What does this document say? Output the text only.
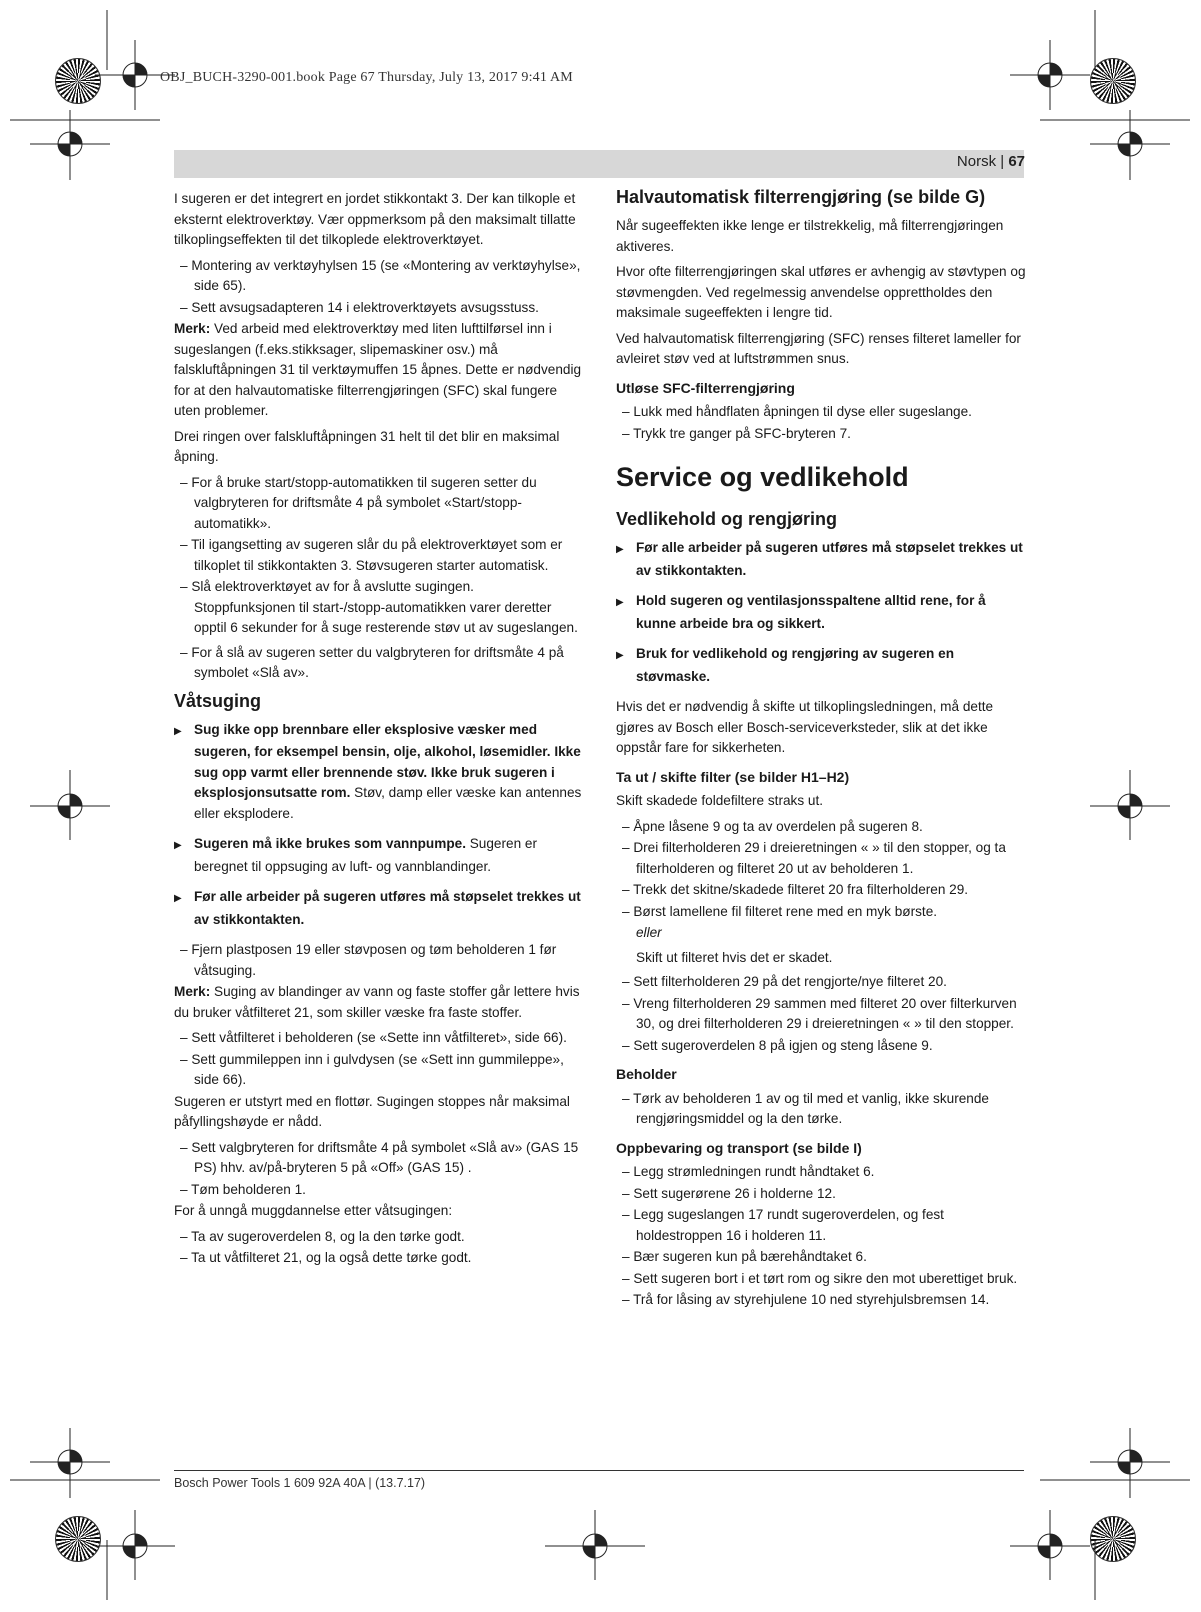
OBJ_BUCH-3290-001.book Page 67 Thursday, July 13, 2017 9:41 AM
Norsk | 67

I sugeren er det integrert en jordet stikkontakt 3. Der kan tilkople et eksternt elektroverktøy. Vær oppmerksom på den maksimalt tillatte tilkoplingseffekten til det tilkoplede elektroverktøyet.

– Montering av verktøyhylsen 15 (se «Montering av verktøyhylse», side 65).

– Sett avsugsadapteren 14 i elektroverktøyets avsugsstuss.

Merk: Ved arbeid med elektroverktøy med liten lufttilførsel inn i sugeslangen (f.eks.stikksager, slipemaskiner osv.) må falskluftåpningen 31 til verktøymuffen 15 åpnes. Dette er nødvendig for at den halvautomatiske filterrengjøringen (SFC) skal fungere uten problemer.

Drei ringen over falskluftåpningen 31 helt til det blir en maksimal åpning.

– For å bruke start/stopp-automatikken til sugeren setter du valgbryteren for driftsmåte 4 på symbolet «Start/stopp-automatikk».

– Til igangsetting av sugeren slår du på elektroverktøyet som er tilkoplet til stikkontakten 3. Støvsugeren starter automatisk.

– Slå elektroverktøyet av for å avslutte sugingen.

Stoppfunksjonen til start-/stopp-automatikken varer deretter opptil 6 sekunder for å suge resterende støv ut av sugeslangen.

– For å slå av sugeren setter du valgbryteren for driftsmåte 4 på symbolet «Slå av».

Våtsuging

▶ Sug ikke opp brennbare eller eksplosive væsker med sugeren, for eksempel bensin, olje, alkohol, løsemidler. Ikke sug opp varmt eller brennende støv. Ikke bruk sugeren i eksplosjonsutsatte rom. Støv, damp eller væske kan antennes eller eksplodere.

▶ Sugeren må ikke brukes som vannpumpe. Sugeren er beregnet til oppsuging av luft- og vannblandinger.

▶ Før alle arbeider på sugeren utføres må støpselet trekkes ut av stikkontakten.

– Fjern plastposen 19 eller støvposen og tøm beholderen 1 før våtsuging.

Merk: Suging av blandinger av vann og faste stoffer går lettere hvis du bruker våtfilteret 21, som skiller væske fra faste stoffer.

– Sett våtfilteret i beholderen (se «Sette inn våtfilteret», side 66).

– Sett gummileppen inn i gulvdysen (se «Sett inn gummileppe», side 66).

Sugeren er utstyrt med en flottør. Sugingen stoppes når maksimal påfyllingshøyde er nådd.

– Sett valgbryteren for driftsmåte 4 på symbolet «Slå av» (GAS 15 PS) hhv. av/på-bryteren 5 på «Off» (GAS 15) .

– Tøm beholderen 1.

For å unngå muggdannelse etter våtsugingen:

– Ta av sugeroverdelen 8, og la den tørke godt.

– Ta ut våtfilteret 21, og la også dette tørke godt.

Halvautomatisk filterrengjøring (se bilde G)

Når sugeeffekten ikke lenge er tilstrekkelig, må filterrengjøringen aktiveres.

Hvor ofte filterrengjøringen skal utføres er avhengig av støvtypen og støvmengden. Ved regelmessig anvendelse opprettholdes den maksimale sugeeffekten i lengre tid.

Ved halvautomatisk filterrengjøring (SFC) renses filteret lameller for avleiret støv ved at luftstrømmen snus.

Utløse SFC-filterrengjøring

– Lukk med håndflaten åpningen til dyse eller sugeslange.

– Trykk tre ganger på SFC-bryteren 7.

Service og vedlikehold
Vedlikehold og rengjøring

▶ Før alle arbeider på sugeren utføres må støpselet trekkes ut av stikkontakten.

▶ Hold sugeren og ventilasjonsspaltene alltid rene, for å kunne arbeide bra og sikkert.

▶ Bruk for vedlikehold og rengjøring av sugeren en støvmaske.

Hvis det er nødvendig å skifte ut tilkoplingsledningen, må dette gjøres av Bosch eller Bosch-serviceverksteder, slik at det ikke oppstår fare for sikkerheten.

Ta ut / skifte filter (se bilder H1–H2)

Skift skadede foldefiltere straks ut.

– Åpne låsene 9 og ta av overdelen på sugeren 8.

– Drei filterholderen 29 i dreieretningen « » til den stopper, og ta filterholderen og filteret 20 ut av beholderen 1.

– Trekk det skitne/skadede filteret 20 fra filterholderen 29.

– Børst lamellene fil filteret rene med en myk børste.

eller

Skift ut filteret hvis det er skadet.

– Sett filterholderen 29 på det rengjorte/nye filteret 20.

– Vreng filterholderen 29 sammen med filteret 20 over filterkurven 30, og drei filterholderen 29 i dreieretningen « » til den stopper.

– Sett sugeroverdelen 8 på igjen og steng låsene 9.

Beholder

– Tørk av beholderen 1 av og til med et vanlig, ikke skurende rengjøringsmiddel og la den tørke.

Oppbevaring og transport (se bilde I)

– Legg strømledningen rundt håndtaket 6.

– Sett sugerørene 26 i holderne 12.

– Legg sugeslangen 17 rundt sugeroverdelen, og fest holdestroppen 16 i holderen 11.

– Bær sugeren kun på bærehåndtaket 6.

– Sett sugeren bort i et tørt rom og sikre den mot uberettiget bruk.

– Trå for låsing av styrehjulene 10 ned styrehjulsbremsen 14.

Bosch Power Tools 1 609 92A 40A | (13.7.17)
